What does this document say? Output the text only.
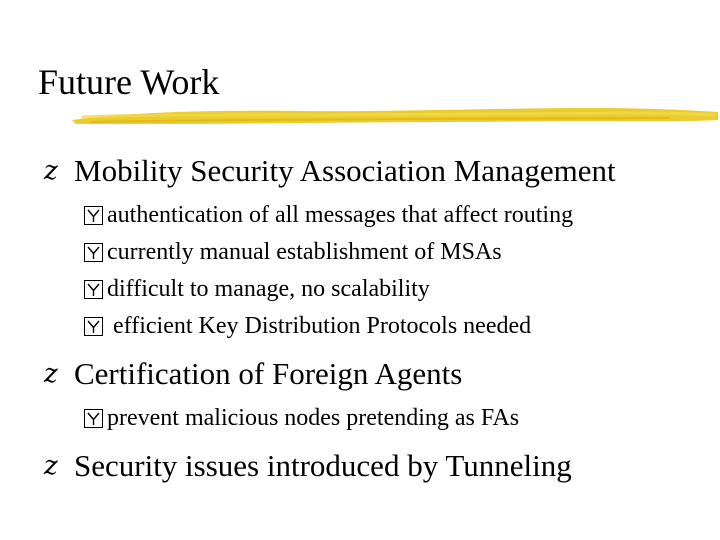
Future Work
z Mobility Security Association Management
authentication of all messages that affect routing
currently manual establishment of MSAs
difficult to manage, no scalability
efficient Key Distribution Protocols needed
z Certification of Foreign Agents
prevent malicious nodes pretending as FAs
z Security issues introduced by Tunneling
